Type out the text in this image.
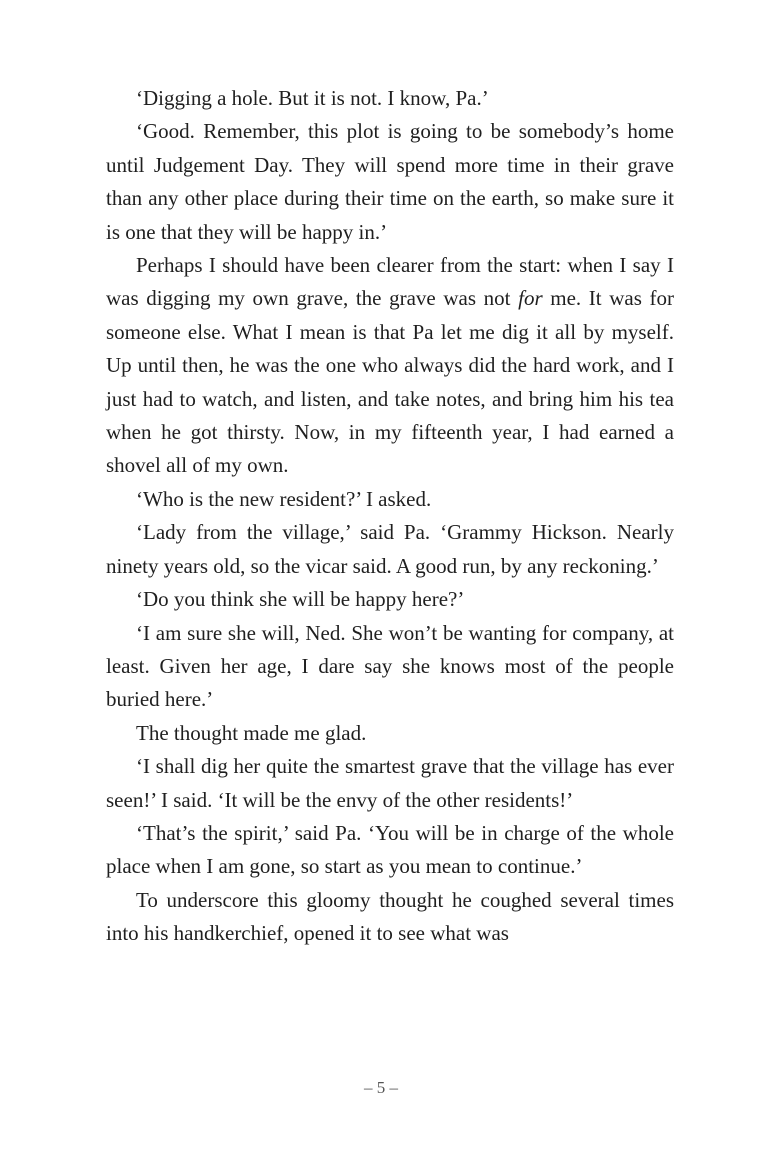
‘Digging a hole. But it is not. I know, Pa.’

‘Good. Remember, this plot is going to be somebody’s home until Judgement Day. They will spend more time in their grave than any other place during their time on the earth, so make sure it is one that they will be happy in.’

Perhaps I should have been clearer from the start: when I say I was digging my own grave, the grave was not for me. It was for someone else. What I mean is that Pa let me dig it all by myself. Up until then, he was the one who always did the hard work, and I just had to watch, and listen, and take notes, and bring him his tea when he got thirsty. Now, in my fifteenth year, I had earned a shovel all of my own.

‘Who is the new resident?’ I asked.

‘Lady from the village,’ said Pa. ‘Grammy Hickson. Nearly ninety years old, so the vicar said. A good run, by any reckoning.’

‘Do you think she will be happy here?’

‘I am sure she will, Ned. She won’t be wanting for company, at least. Given her age, I dare say she knows most of the people buried here.’

The thought made me glad.

‘I shall dig her quite the smartest grave that the village has ever seen!’ I said. ‘It will be the envy of the other residents!’

‘That’s the spirit,’ said Pa. ‘You will be in charge of the whole place when I am gone, so start as you mean to continue.’

To underscore this gloomy thought he coughed several times into his handkerchief, opened it to see what was

– 5 –
